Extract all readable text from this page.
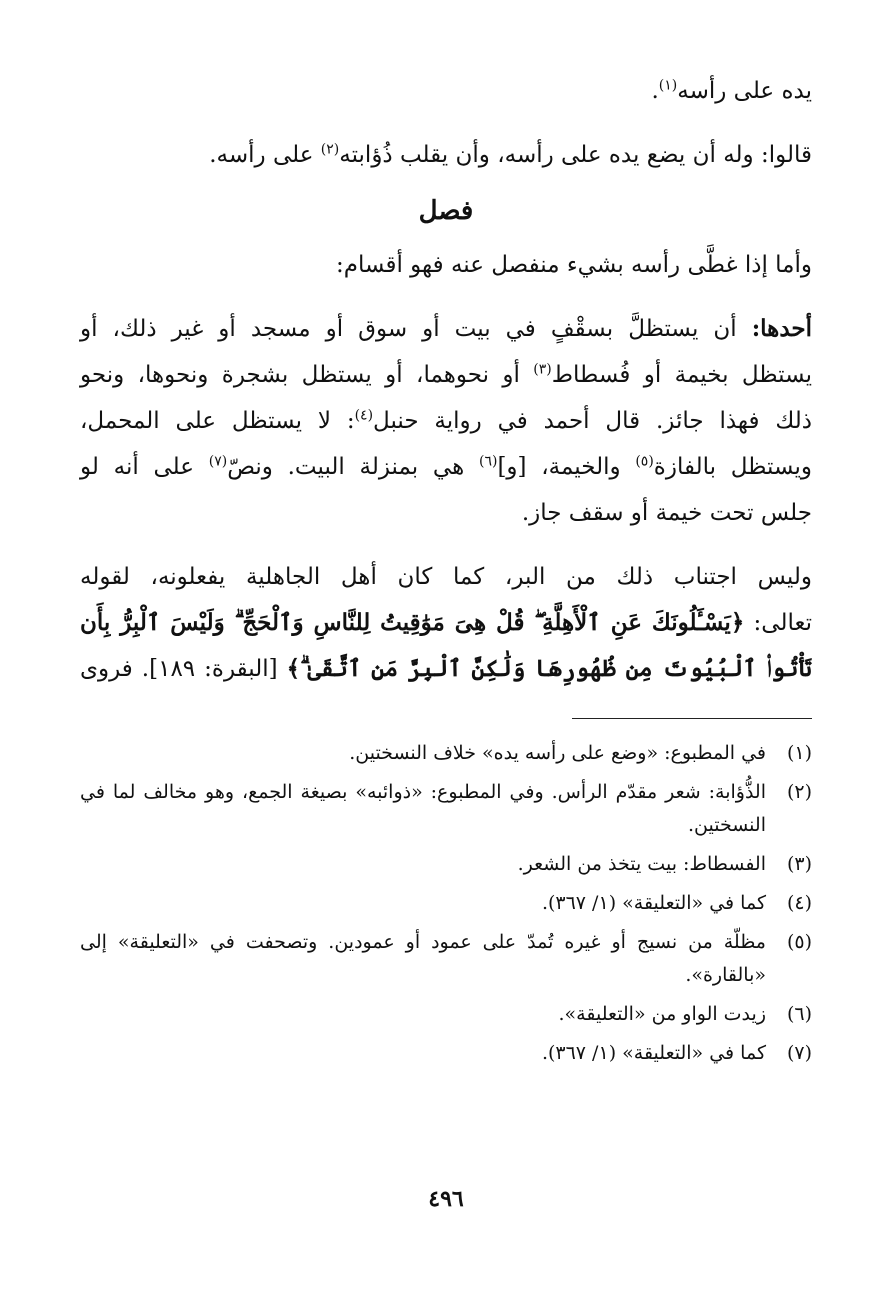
يده على رأسه$^{(١)}$.
قالوا: وله أن يضع يده على رأسه، وأن يقلب ذُؤابته$^{(٢)}$ على رأسه.
فصل
وأما إذا غطَّى رأسه بشيء منفصل عنه فهو أقسام:
أحدها: أن يستظلَّ بسقْفٍ في بيت أو سوق أو مسجد أو غير ذلك، أو
يستظل بخيمة أو فُسطاط$^{(٣)}$ أو نحوهما، أو يستظل بشجرة ونحوها، ونحو
ذلك فهذا جائز. قال أحمد في رواية حنبل$^{(٤)}$: لا يستظل على المحمل،
ويستظل بالفازة$^{(٥)}$ والخيمة، [و]$^{(٦)}$ هي بمنزلة البيت. ونصّ$^{(٧)}$ على أنه لو
جلس تحت خيمة أو سقف جاز.
وليس اجتناب ذلك من البر، كما كان أهل الجاهلية يفعلونه، لقوله
تعالى: ﴿يَسْـَٔلُونَكَ عَنِ ٱلْأَهِلَّةِ ۖ قُلْ هِىَ مَوَٰقِيتُ لِلنَّاسِ وَٱلْحَجِّ ۗ وَلَيْسَ ٱلْبِرُّ بِأَن
تَأْتُوا۟ ٱلْبُيُوتَ مِن ظُهُورِهَا وَلَٰكِنَّ ٱلْبِرَّ مَنِ ٱتَّقَىٰ ۗ﴾ [البقرة: ١٨٩]. فروى
(١)
في المطبوع: «وضع على رأسه يده» خلاف النسختين.
(٢)
الذُّؤابة: شعر مقدّم الرأس. وفي المطبوع: «ذوائبه» بصيغة الجمع، وهو مخالف لما في النسختين.
(٣)
الفسطاط: بيت يتخذ من الشعر.
(٤)
كما في «التعليقة» (١/ ٣٦٧).
(٥)
مظلّة من نسيج أو غيره تُمدّ على عمود أو عمودين. وتصحفت في «التعليقة» إلى «بالقارة».
(٦)
زيدت الواو من «التعليقة».
(٧)
كما في «التعليقة» (١/ ٣٦٧).
٤٩٦
